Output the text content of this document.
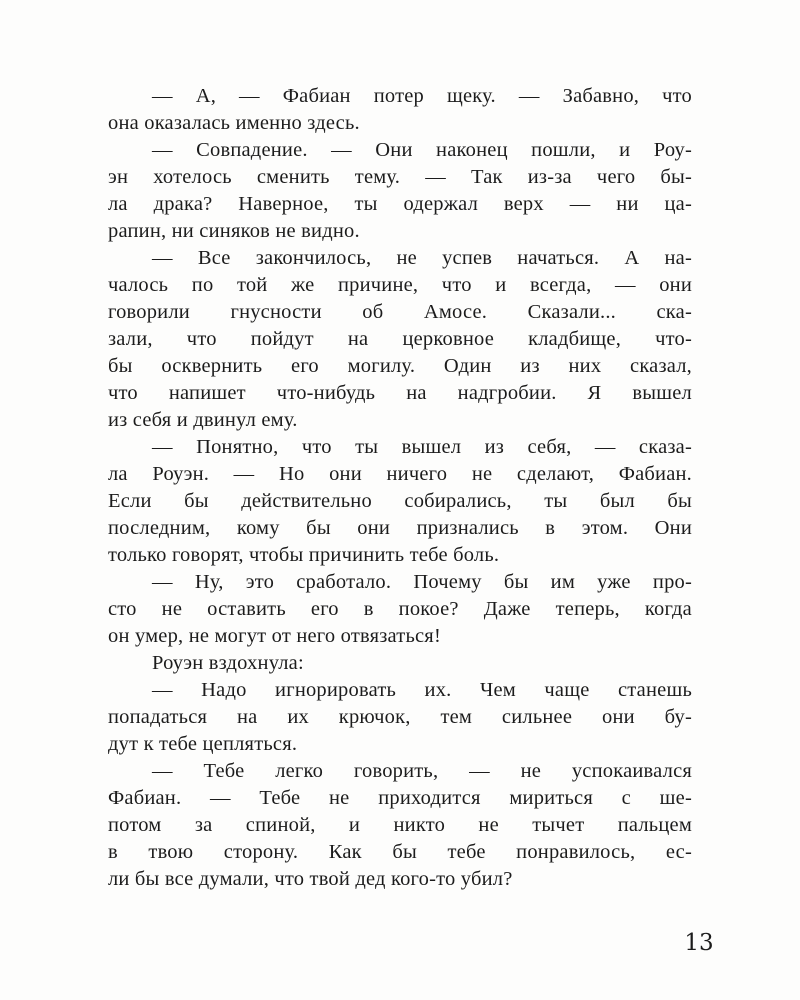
— А, — Фабиан потер щеку. — Забавно, что
она оказалась именно здесь.
— Совпадение. — Они наконец пошли, и Роу-
эн хотелось сменить тему. — Так из-за чего бы-
ла драка? Наверное, ты одержал верх — ни ца-
рапин, ни синяков не видно.
— Все закончилось, не успев начаться. А на-
чалось по той же причине, что и всегда, — они
говорили гнусности об Амосе. Сказали... ска-
зали, что пойдут на церковное кладбище, что-
бы осквернить его могилу. Один из них сказал,
что напишет что-нибудь на надгробии. Я вышел
из себя и двинул ему.
— Понятно, что ты вышел из себя, — сказа-
ла Роуэн. — Но они ничего не сделают, Фабиан.
Если бы действительно собирались, ты был бы
последним, кому бы они признались в этом. Они
только говорят, чтобы причинить тебе боль.
— Ну, это сработало. Почему бы им уже про-
сто не оставить его в покое? Даже теперь, когда
он умер, не могут от него отвязаться!
Роуэн вздохнула:
— Надо игнорировать их. Чем чаще станешь
попадаться на их крючок, тем сильнее они бу-
дут к тебе цепляться.
— Тебе легко говорить, — не успокаивался
Фабиан. — Тебе не приходится мириться с ше-
потом за спиной, и никто не тычет пальцем
в твою сторону. Как бы тебе понравилось, ес-
ли бы все думали, что твой дед кого-то убил?
13
